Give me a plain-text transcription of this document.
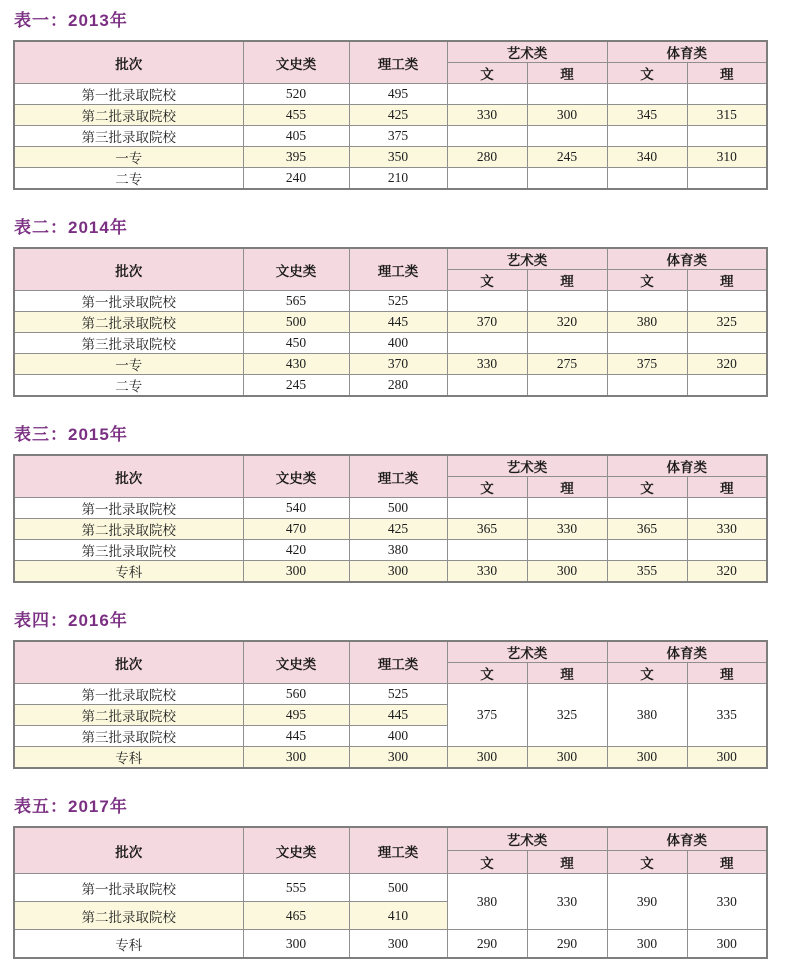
表一：2013年
批次	文史类	理工类	艺术类		体育类	
			文	理	文	理
第一批录取院校	520	495				
第二批录取院校	455	425	330	300	345	315
第三批录取院校	405	375				
一专	395	350	280	245	340	310
二专	240	210				
表二：2014年
批次	文史类	理工类	艺术类		体育类	
			文	理	文	理
第一批录取院校	565	525				
第二批录取院校	500	445	370	320	380	325
第三批录取院校	450	400				
一专	430	370	330	275	375	320
二专	245	280				
表三：2015年
批次	文史类	理工类	艺术类		体育类	
			文	理	文	理
第一批录取院校	540	500				
第二批录取院校	470	425	365	330	365	330
第三批录取院校	420	380				
专科	300	300	330	300	355	320
表四：2016年
批次	文史类	理工类	艺术类		体育类	
			文	理	文	理
第一批录取院校	560	525	375	325	380	335
第二批录取院校	495	445				
第三批录取院校	445	400				
专科	300	300	300	300	300	300
表五：2017年
批次	文史类	理工类	艺术类		体育类	
			文	理	文	理
第一批录取院校	555	500	380	330	390	330
第二批录取院校	465	410				
专科	300	300	290	290	300	300
